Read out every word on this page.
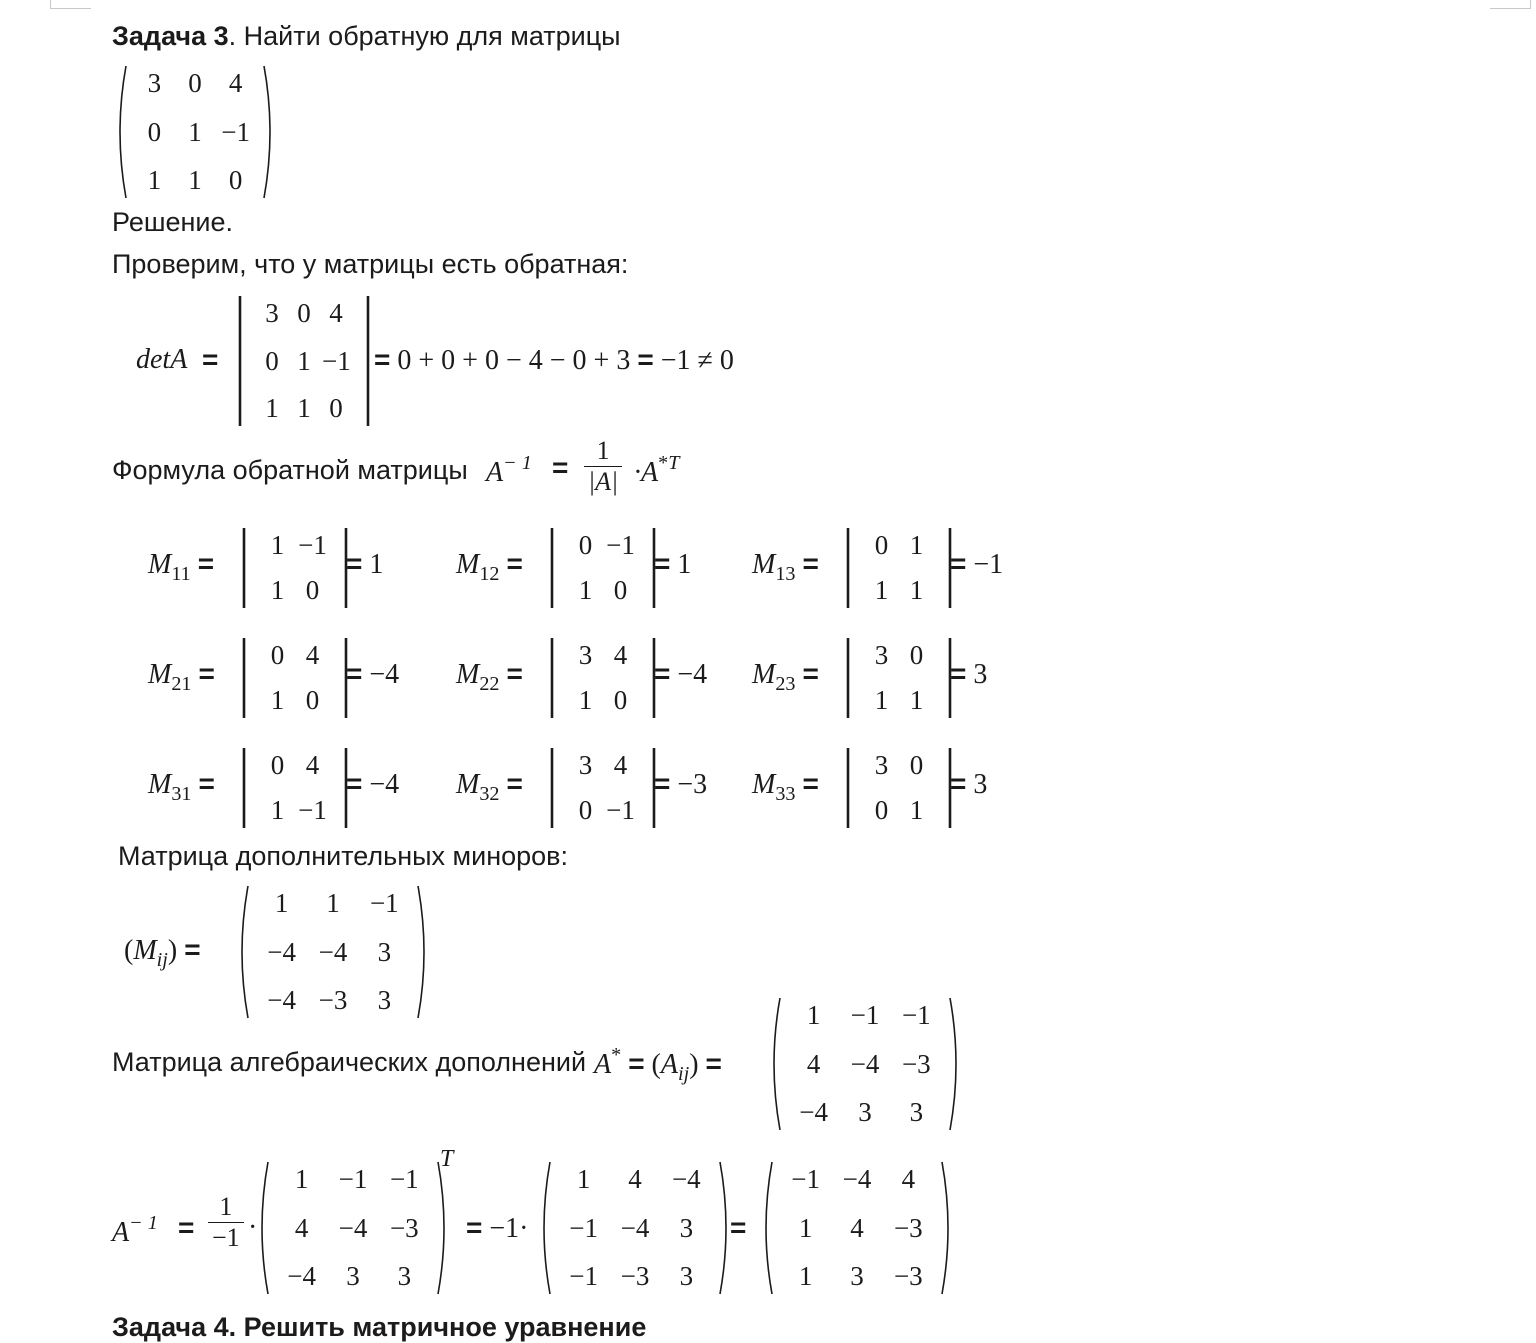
Задача 3. Найти обратную для матрицы
3	0	4
0	1 −1
1	1	0
Решение.
Проверим, что у матрицы есть обратная:
detA =
3 0 4
0 1 −1
1 1 0
= 0 + 0 + 0 − 4 − 0 + 3 = −1 ≠ 0
Формула обратной матрицы $A^{- 1} = \frac{1}{|A|} \cdot A^{*T}$
$M_{11}$ =
1 −1
1 0
= 1	$M_{12}$ =
0 −1
1 0
= 1 $M_{13}$ =
0 1
1 1
= −1
$M_{21}$ =
0 4
1 0
= −4 $M_{22}$ =
3 4
1 0
= −4 $M_{23}$ =
3 0
1 1
= 3
$M_{31}$ =
0 4
1 −1
= −4 $M_{32}$ =
3 4
0 −1
= −3 $M_{33}$ =
3 0
0 1
= 3
Матрица дополнительных миноров:
$(M_{ij})$ =
1	1	−1
−4 −4	3
−4 −3	3
Матрица алгебраических дополнений $A^* = (A_{ij})$ =
1	−1 −1
4	−4 −3
−4	3	3
$A^{- 1} = \frac{1}{-1}$ ·
1	−1 −1
4	−4 −3
−4	3	3
T
= −1·
1	4	−4
−1 −4	3
−1 −3	3
=
−1 −4	4
1	4	−3
1	3	−3
Задача 4. Решить матричное уравнение
